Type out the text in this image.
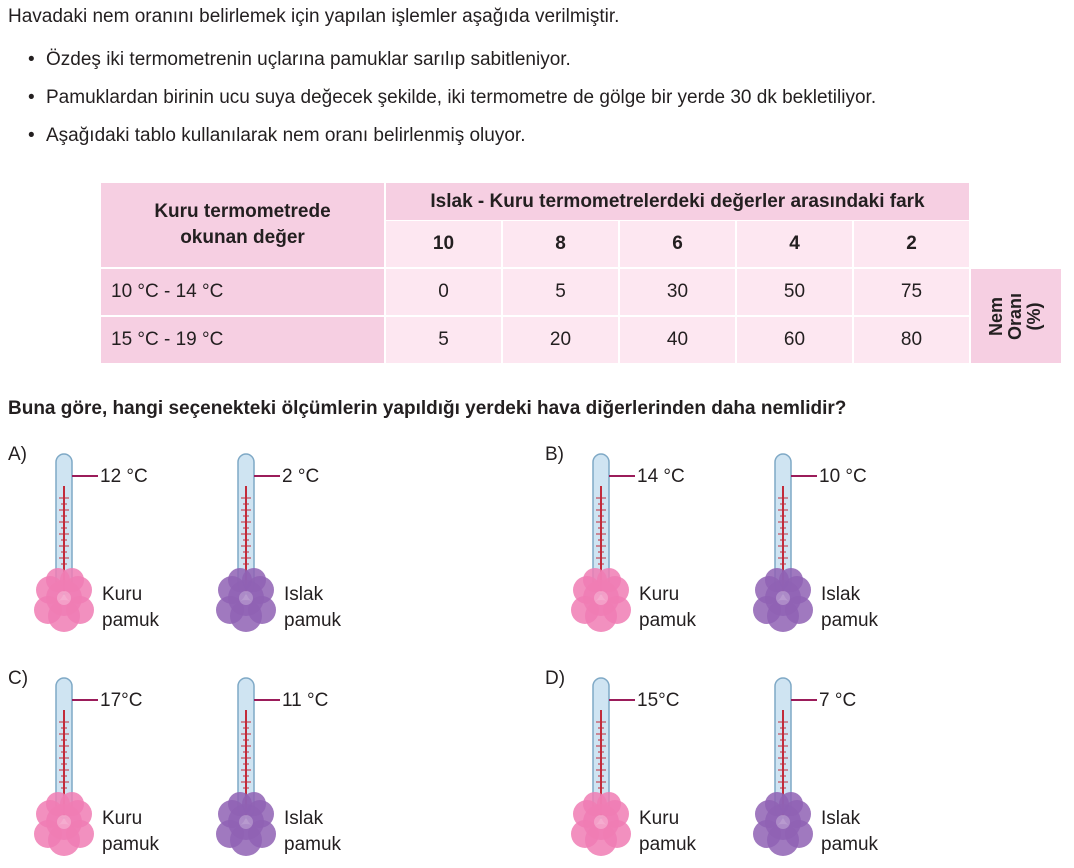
Havadaki nem oranını belirlemek için yapılan işlemler aşağıda verilmiştir.
• Özdeş iki termometrenin uçlarına pamuklar sarılıp sabitleniyor.
• Pamuklardan birinin ucu suya değecek şekilde, iki termometre de gölge bir yerde 30 dk bekletiliyor.
• Aşağıdaki tablo kullanılarak nem oranı belirlenmiş oluyor.
Kuru termometrede
okunan değer
Islak - Kuru termometrelerdeki değerler arasındaki fark
10	8	6	4	2
10 °C - 14 °C	0	5	30	50	75
15 °C - 19 °C	5	20	40	60	80
Nem Oranı (%)
Buna göre, hangi seçenekteki ölçümlerin yapıldığı yerdeki hava diğerlerinden daha nemlidir?
A)
12 °C
Kuru
pamuk
2 °C
Islak
pamuk
B)
14 °C
Kuru
pamuk
10 °C
Islak
pamuk
C)
17°C
Kuru
pamuk
11 °C
Islak
pamuk
D)
15°C
Kuru
pamuk
7 °C
Islak
pamuk
